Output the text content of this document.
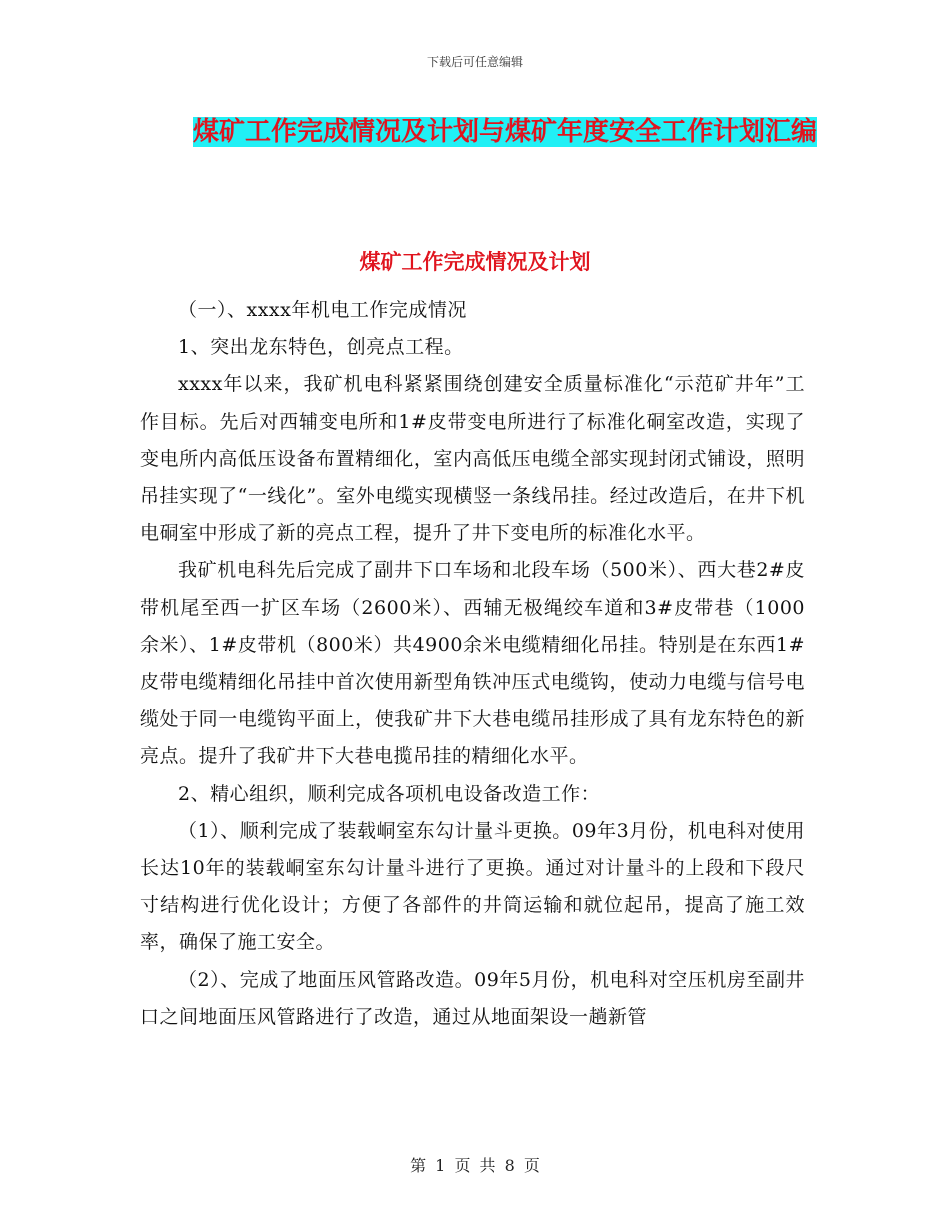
下载后可任意编辑
煤矿工作完成情况及计划与煤矿年度安全工作计划汇编
煤矿工作完成情况及计划

（一）、xxxx年机电工作完成情况

1、突出龙东特色，创亮点工程。

xxxx年以来，我矿机电科紧紧围绕创建安全质量标准化“示范矿井年”工作目标。先后对西辅变电所和1#皮带变电所进行了标准化硐室改造，实现了变电所内高低压设备布置精细化，室内高低压电缆全部实现封闭式铺设，照明吊挂实现了“一线化”。室外电缆实现横竖一条线吊挂。经过改造后，在井下机电硐室中形成了新的亮点工程，提升了井下变电所的标准化水平。

我矿机电科先后完成了副井下口车场和北段车场（500米）、西大巷2#皮带机尾至西一扩区车场（2600米）、西辅无极绳绞车道和3#皮带巷（1000余米）、1#皮带机（800米）共4900余米电缆精细化吊挂。特别是在东西1#皮带电缆精细化吊挂中首次使用新型角铁冲压式电缆钩，使动力电缆与信号电缆处于同一电缆钩平面上，使我矿井下大巷电缆吊挂形成了具有龙东特色的新亮点。提升了我矿井下大巷电揽吊挂的精细化水平。

2、精心组织，顺利完成各项机电设备改造工作：

（1）、顺利完成了装载峒室东勾计量斗更换。09年3月份，机电科对使用长达10年的装载峒室东勾计量斗进行了更换。通过对计量斗的上段和下段尺寸结构进行优化设计；方便了各部件的井筒运输和就位起吊，提高了施工效率，确保了施工安全。

（2）、完成了地面压风管路改造。09年5月份，机电科对空压机房至副井口之间地面压风管路进行了改造，通过从地面架设一趟新管

第 1 页 共 8 页
